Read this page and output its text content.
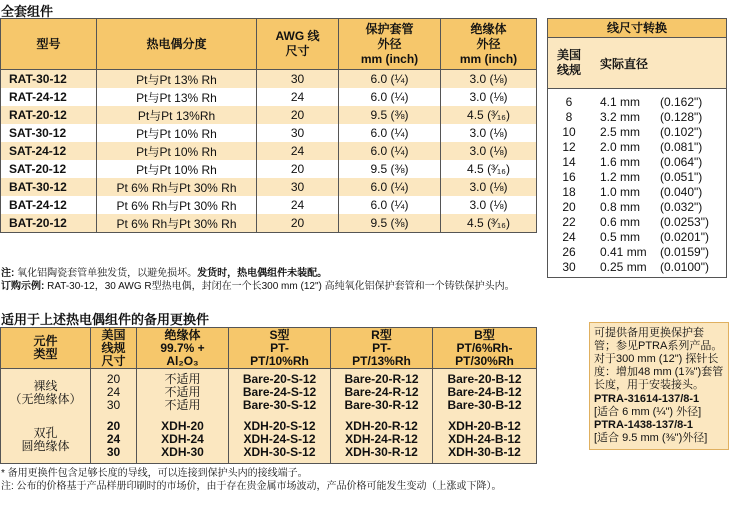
全套组件
型号	热电偶分度	AWG 线
尺寸	保护套管
外径
mm (inch)	绝缘体
外径
mm (inch)
RAT-30-12	Pt与Pt 13% Rh	30	6.0 (¼)	3.0 (⅛)
RAT-24-12	Pt与Pt 13% Rh	24	6.0 (¼)	3.0 (⅛)
RAT-20-12	Pt与Pt 13%Rh	20	9.5 (⅜)	4.5 (³⁄₁₆)
SAT-30-12	Pt与Pt 10% Rh	30	6.0 (¼)	3.0 (⅛)
SAT-24-12	Pt与Pt 10% Rh	24	6.0 (¼)	3.0 (⅛)
SAT-20-12	Pt与Pt 10% Rh	20	9.5 (⅜)	4.5 (³⁄₁₆)
BAT-30-12	Pt 6% Rh与Pt 30% Rh	30	6.0 (¼)	3.0 (⅛)
BAT-24-12	Pt 6% Rh与Pt 30% Rh	24	6.0 (¼)	3.0 (⅛)
BAT-20-12	Pt 6% Rh与Pt 30% Rh	20	9.5 (⅜)	4.5 (³⁄₁₆)
注: 氧化铝陶瓷套管单独发货，以避免损坏。发货时，热电偶组件未装配。
订购示例: RAT-30-12，30 AWG R型热电偶，封闭在一个长300 mm (12") 高纯氧化铝保护套管和一个铸铁保护头内。
适用于上述热电偶组件的备用更换件
元件
类型	美国
线规
尺寸	绝缘体
99.7% +
Al₂O₃	S型
PT-
PT/10%Rh	R型
PT-
PT/13%Rh	B型
PT/6%Rh-
PT/30%Rh
裸线
（无绝缘体）	20
24
30	不适用
不适用
不适用	Bare-20-S-12
Bare-24-S-12
Bare-30-S-12	Bare-20-R-12
Bare-24-R-12
Bare-30-R-12	Bare-20-B-12
Bare-24-B-12
Bare-30-B-12
双孔
圆绝缘体	20
24
30	XDH-20
XDH-24
XDH-30	XDH-20-S-12
XDH-24-S-12
XDH-30-S-12	XDH-20-R-12
XDH-24-R-12
XDH-30-R-12	XDH-20-B-12
XDH-24-B-12
XDH-30-B-12
* 备用更换件包含足够长度的导线，可以连接到保护头内的接线端子。
注: 公布的价格基于产品样册印刷时的市场价，由于存在贵金属市场波动，产品价格可能发生变动（上涨或下降）。
线尺寸转换
美国
线规	实际直径
6	4.1 mm	(0.162")
8	3.2 mm	(0.128")
10	2.5 mm	(0.102")
12	2.0 mm	(0.081")
14	1.6 mm	(0.064")
16	1.2 mm	(0.051")
18	1.0 mm	(0.040")
20	0.8 mm	(0.032")
22	0.6 mm	(0.0253")
24	0.5 mm	(0.0201")
26	0.41 mm	(0.0159")
30	0.25 mm	(0.0100")
可提供备用更换保护套管；参见PTRA系列产品。对于300 mm (12") 探针长度：增加48 mm (1⅞")套管长度，用于安装接头。
PTRA-31614-137/8-1
[适合 6 mm (¼") 外径]
PTRA-1438-137/8-1
[适合 9.5 mm (⅜")外径]
